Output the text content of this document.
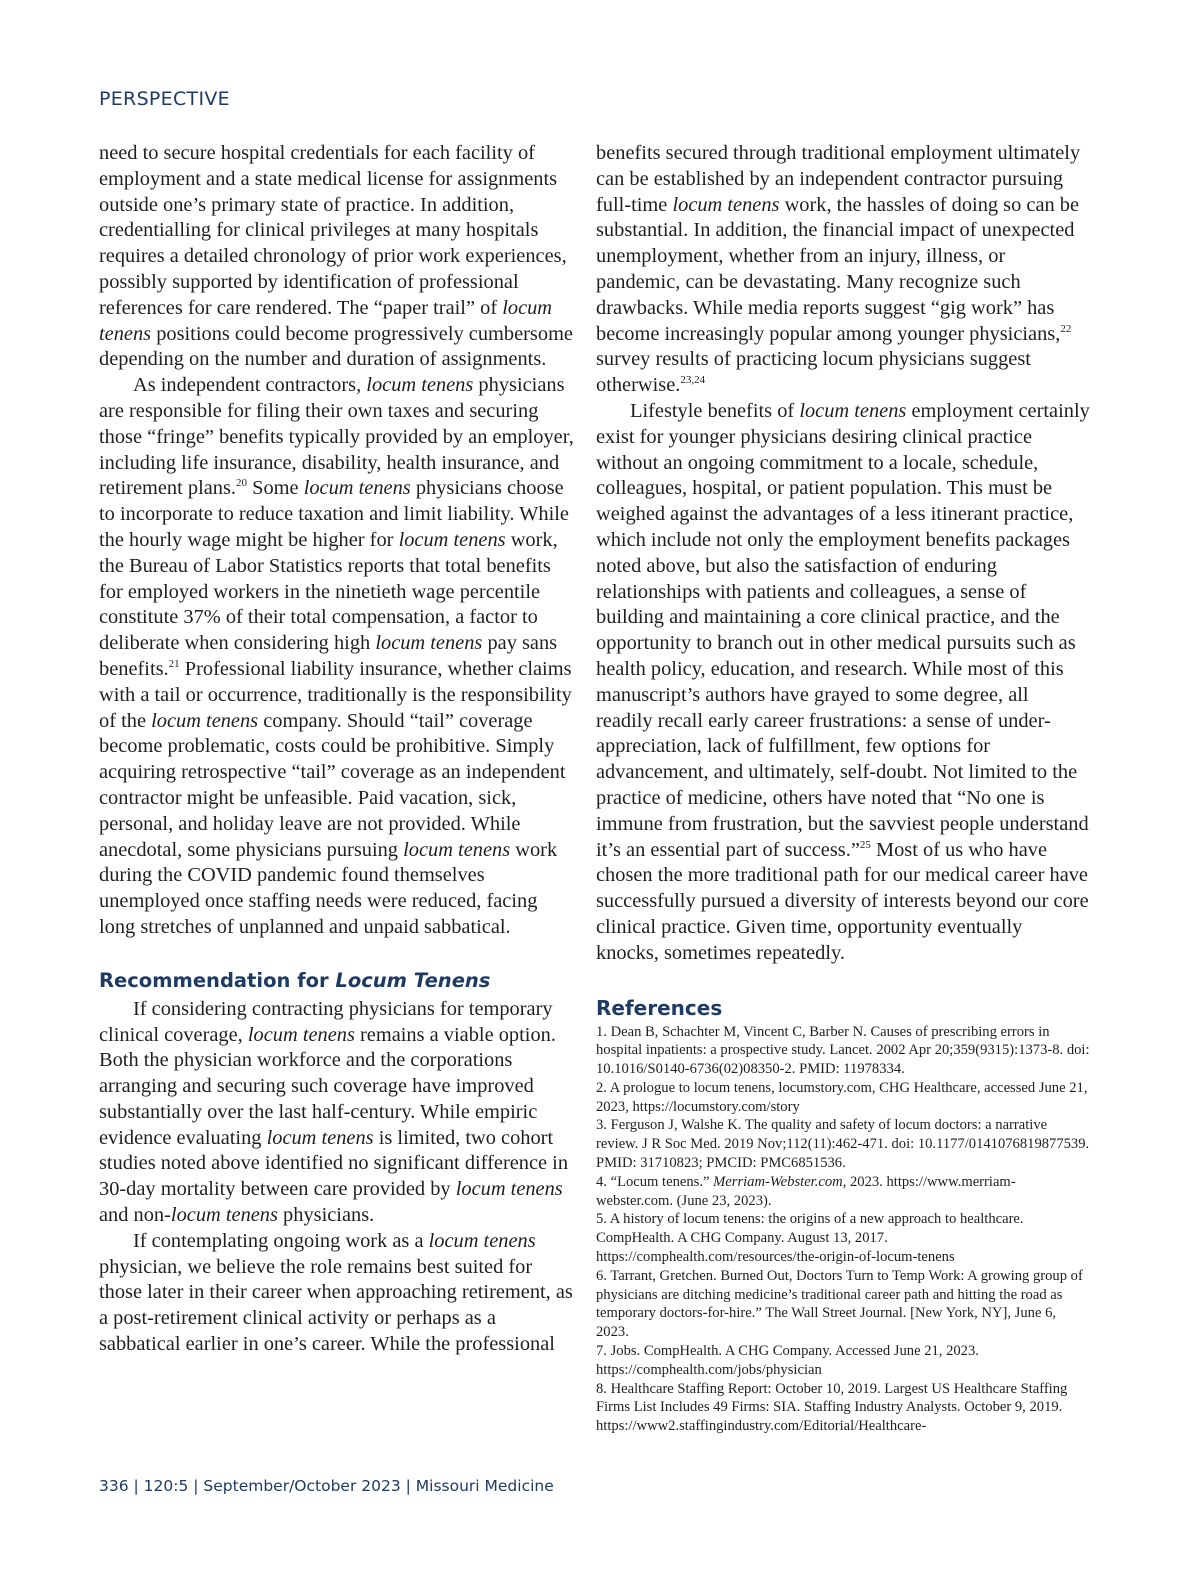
PERSPECTIVE

need to secure hospital credentials for each facility of employment and a state medical license for assignments outside one’s primary state of practice. In addition, credentialling for clinical privileges at many hospitals requires a detailed chronology of prior work experiences, possibly supported by identification of professional references for care rendered. The “paper trail” of locum tenens positions could become progressively cumbersome depending on the number and duration of assignments.

As independent contractors, locum tenens physicians are responsible for filing their own taxes and securing those “fringe” benefits typically provided by an employer, including life insurance, disability, health insurance, and retirement plans.$^{20}$ Some locum tenens physicians choose to incorporate to reduce taxation and limit liability. While the hourly wage might be higher for locum tenens work, the Bureau of Labor Statistics reports that total benefits for employed workers in the ninetieth wage percentile constitute 37% of their total compensation, a factor to deliberate when considering high locum tenens pay sans benefits.$^{21}$ Professional liability insurance, whether claims with a tail or occurrence, traditionally is the responsibility of the locum tenens company. Should “tail” coverage become problematic, costs could be prohibitive. Simply acquiring retrospective “tail” coverage as an independent contractor might be unfeasible. Paid vacation, sick, personal, and holiday leave are not provided. While anecdotal, some physicians pursuing locum tenens work during the COVID pandemic found themselves unemployed once staffing needs were reduced, facing long stretches of unplanned and unpaid sabbatical.

Recommendation for Locum Tenens

If considering contracting physicians for temporary clinical coverage, locum tenens remains a viable option. Both the physician workforce and the corporations arranging and securing such coverage have improved substantially over the last half-century. While empiric evidence evaluating locum tenens is limited, two cohort studies noted above identified no significant difference in 30-day mortality between care provided by locum tenens and non-locum tenens physicians.

If contemplating ongoing work as a locum tenens physician, we believe the role remains best suited for those later in their career when approaching retirement, as a post-retirement clinical activity or perhaps as a sabbatical earlier in one’s career. While the professional

benefits secured through traditional employment ultimately can be established by an independent contractor pursuing full-time locum tenens work, the hassles of doing so can be substantial. In addition, the financial impact of unexpected unemployment, whether from an injury, illness, or pandemic, can be devastating. Many recognize such drawbacks. While media reports suggest “gig work” has become increasingly popular among younger physicians,$^{22}$ survey results of practicing locum physicians suggest otherwise.$^{23,24}$

Lifestyle benefits of locum tenens employment certainly exist for younger physicians desiring clinical practice without an ongoing commitment to a locale, schedule, colleagues, hospital, or patient population. This must be weighed against the advantages of a less itinerant practice, which include not only the employment benefits packages noted above, but also the satisfaction of enduring relationships with patients and colleagues, a sense of building and maintaining a core clinical practice, and the opportunity to branch out in other medical pursuits such as health policy, education, and research. While most of this manuscript’s authors have grayed to some degree, all readily recall early career frustrations: a sense of under-appreciation, lack of fulfillment, few options for advancement, and ultimately, self-doubt. Not limited to the practice of medicine, others have noted that “No one is immune from frustration, but the savviest people understand it’s an essential part of success.”$^{25}$ Most of us who have chosen the more traditional path for our medical career have successfully pursued a diversity of interests beyond our core clinical practice. Given time, opportunity eventually knocks, sometimes repeatedly.

References

1. Dean B, Schachter M, Vincent C, Barber N. Causes of prescribing errors in hospital inpatients: a prospective study. Lancet. 2002 Apr 20;359(9315):1373-8. doi: 10.1016/S0140-6736(02)08350-2. PMID: 11978334.

2. A prologue to locum tenens, locumstory.com, CHG Healthcare, accessed June 21, 2023, https://locumstory.com/story

3. Ferguson J, Walshe K. The quality and safety of locum doctors: a narrative review. J R Soc Med. 2019 Nov;112(11):462-471. doi: 10.1177/0141076819877539. PMID: 31710823; PMCID: PMC6851536.

4. “Locum tenens.” Merriam-Webster.com, 2023. https://www.merriam-webster.com. (June 23, 2023).

5. A history of locum tenens: the origins of a new approach to healthcare. CompHealth. A CHG Company. August 13, 2017. https://comphealth.com/resources/the-origin-of-locum-tenens

6. Tarrant, Gretchen. Burned Out, Doctors Turn to Temp Work: A growing group of physicians are ditching medicine’s traditional career path and hitting the road as temporary doctors-for-hire.” The Wall Street Journal. [New York, NY], June 6, 2023.

7. Jobs. CompHealth. A CHG Company. Accessed June 21, 2023. https://comphealth.com/jobs/physician

8. Healthcare Staffing Report: October 10, 2019. Largest US Healthcare Staffing Firms List Includes 49 Firms: SIA. Staffing Industry Analysts. October 9, 2019. https://www2.staffingindustry.com/Editorial/Healthcare-

336 | 120:5 | September/October 2023 | Missouri Medicine
